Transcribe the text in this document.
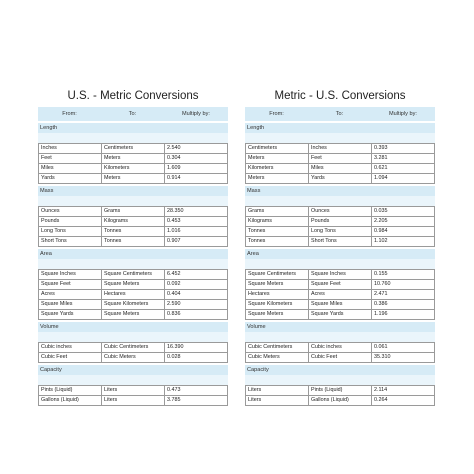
U.S. - Metric Conversions
From:	To:	Multiply by:
Length
Inches	Centimeters	2.540
Feet	Meters	0.304
Miles	Kilometers	1.609
Yards	Meters	0.914
Mass
Ounces	Grams	28.350
Pounds	Kilograms	0.453
Long Tons	Tonnes	1.016
Short Tons	Tonnes	0.907
Area
Square Inches	Square Centimeters	6.452
Square Feet	Square Meters	0.092
Acres	Hectares	0.404
Square Miles	Square Kilometers	2.590
Square Yards	Square Meters	0.836
Volume
Cubic inches	Cubic Centimeters	16.390
Cubic Feet	Cubic Meters	0.028
Capacity
Pints (Liquid)	Liters	0.473
Gallons (Liquid)	Liters	3.785
Metric - U.S. Conversions
From:	To:	Multiply by:
Length
Centimeters	Inches	0.393
Meters	Feet	3.281
Kilometers	Miles	0.621
Meters	Yards	1.094
Mass
Grams	Ounces	0.035
Kilograms	Pounds	2.205
Tonnes	Long Tons	0.984
Tonnes	Short Tons	1.102
Area
Square Centimeters	Square Inches	0.155
Square Meters	Square Feet	10.760
Hectares	Acres	2.471
Square Kilometers	Square Miles	0.386
Square Meters	Square Yards	1.196
Volume
Cubic Centimeters	Cubic inches	0.061
Cubic Meters	Cubic Feet	35.310
Capacity
Liters	Pints (Liquid)	2.114
Liters	Gallons (Liquid)	0.264
